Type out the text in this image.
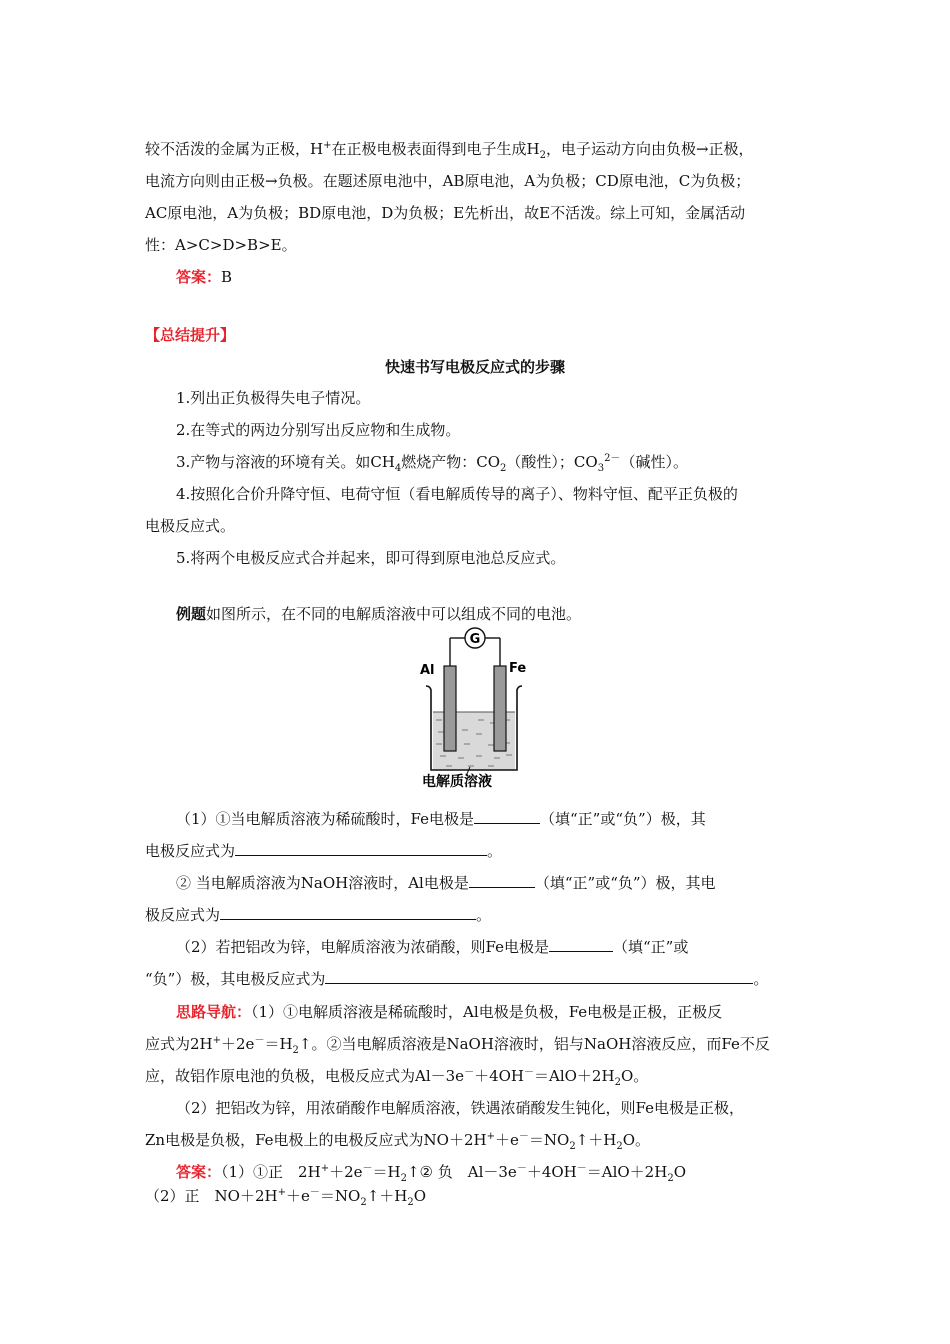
较不活泼的金属为正极，H+在正极电极表面得到电子生成$H_2$，电子运动方向由负极→正极，
电流方向则由正极→负极。在题述原电池中，AB原电池，A为负极；CD原电池，C为负极；
AC原电池，A为负极；BD原电池，D为负极；E先析出，故E不活泼。综上可知，金属活动
性：A>C>D>B>E。
答案：B
【总结提升】
快速书写电极反应式的步骤
1.列出正负极得失电子情况。
2.在等式的两边分别写出反应物和生成物。
3.产物与溶液的环境有关。如$CH_4$燃烧产物：$CO_2$（酸性）；$CO_3^{2-}$（碱性）。
4.按照化合价升降守恒、电荷守恒（看电解质传导的离子）、物料守恒、配平正负极的
电极反应式。
5.将两个电极反应式合并起来，即可得到原电池总反应式。
例题如图所示，在不同的电解质溶液中可以组成不同的电池。
G
Al	Fe
电解质溶液
（1）①当电解质溶液为稀硫酸时，Fe电极是	（填“正”或“负”）极，其
电极反应式为	。
② 当电解质溶液为NaOH溶液时，Al电极是	（填“正”或“负”）极，其电
极反应式为	。
（2）若把铝改为锌，电解质溶液为浓硝酸，则Fe电极是	（填“正”或
“负”）极，其电极反应式为	。
思路导航：（1）①电解质溶液是稀硫酸时，Al电极是负极，Fe电极是正极，正极反
应式为$2H^++2e^-=H_2↑$。②当电解质溶液是NaOH溶液时，铝与NaOH溶液反应，而Fe不反
应，故铝作原电池的负极，电极反应式为$Al-3e^-+4OH^-=AlO+2H_2O$。
（2）把铝改为锌，用浓硝酸作电解质溶液，铁遇浓硝酸发生钝化，则Fe电极是正极，
Zn电极是负极，Fe电极上的电极反应式为$NO+2H^++e^-=NO_2↑+H_2O$。
答案：（1）①正　$2H^++2e^-=H_2↑②$ 负　$Al-3e^-+4OH^-=AlO+2H_2O$
（2）正　$NO+2H^++e^-=NO_2↑+H_2O$
